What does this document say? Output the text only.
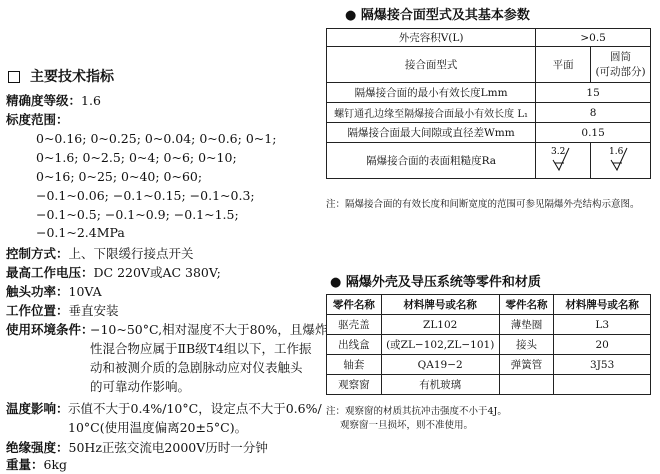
主要技术指标
精确度等级：1.6
标度范围：
0~0.16; 0~0.25; 0~0.04; 0~0.6; 0~1;
0~1.6; 0~2.5; 0~4; 0~6; 0~10;
0~16; 0~25; 0~40; 0~60;
−0.1~0.06; −0.1~0.15; −0.1~0.3;
−0.1~0.5; −0.1~0.9; −0.1~1.5;
−0.1~2.4MPa
控制方式：上、下限缓行接点开关
最高工作电压：DC 220V或AC 380V;
触头功率：10VA
工作位置：垂直安装
使用环境条件：
−10~50°C,相对湿度不大于80%，且爆炸
性混合物应属于ⅡB级T4组以下，工作振
动和被测介质的急剧脉动应对仪表触头
的可靠动作影响。
温度影响： 示值不大于0.4%/10°C，设定点不大于0.6%/
10°C(使用温度偏离20±5°C)。
绝缘强度：50Hz正弦交流电2000V历时一分钟
重量：6kg
● 隔爆接合面型式及其基本参数
外壳容积V(L)	>0.5	
接合面型式	平面	圆筒
(可动部分)

隔爆接合面的最小有效长度Lmm	15	
螺钉通孔边缘至隔爆接合面最小有效长度 L₁	8	
隔爆接合面最大间隙或直径差Wmm	0.15	
隔爆接合面的表面粗糙度Ra	3.2	1.6
注：隔爆接合面的有效长度和间断宽度的范围可参见隔爆外壳结构示意图。
● 隔爆外壳及导压系统等零件和材质
零件名称	材料牌号或名称	零件名称	材料牌号或名称
驱壳盖	ZL102	薄垫圈	L3
出线盒	(或ZL−102,ZL−101)	接头	20
轴套	QA19−2	弹簧管	3J53
观察窗	有机玻璃		
注：观察窗的材质其抗冲击强度不小于4J。
观察窗一旦损坏，则不准使用。
